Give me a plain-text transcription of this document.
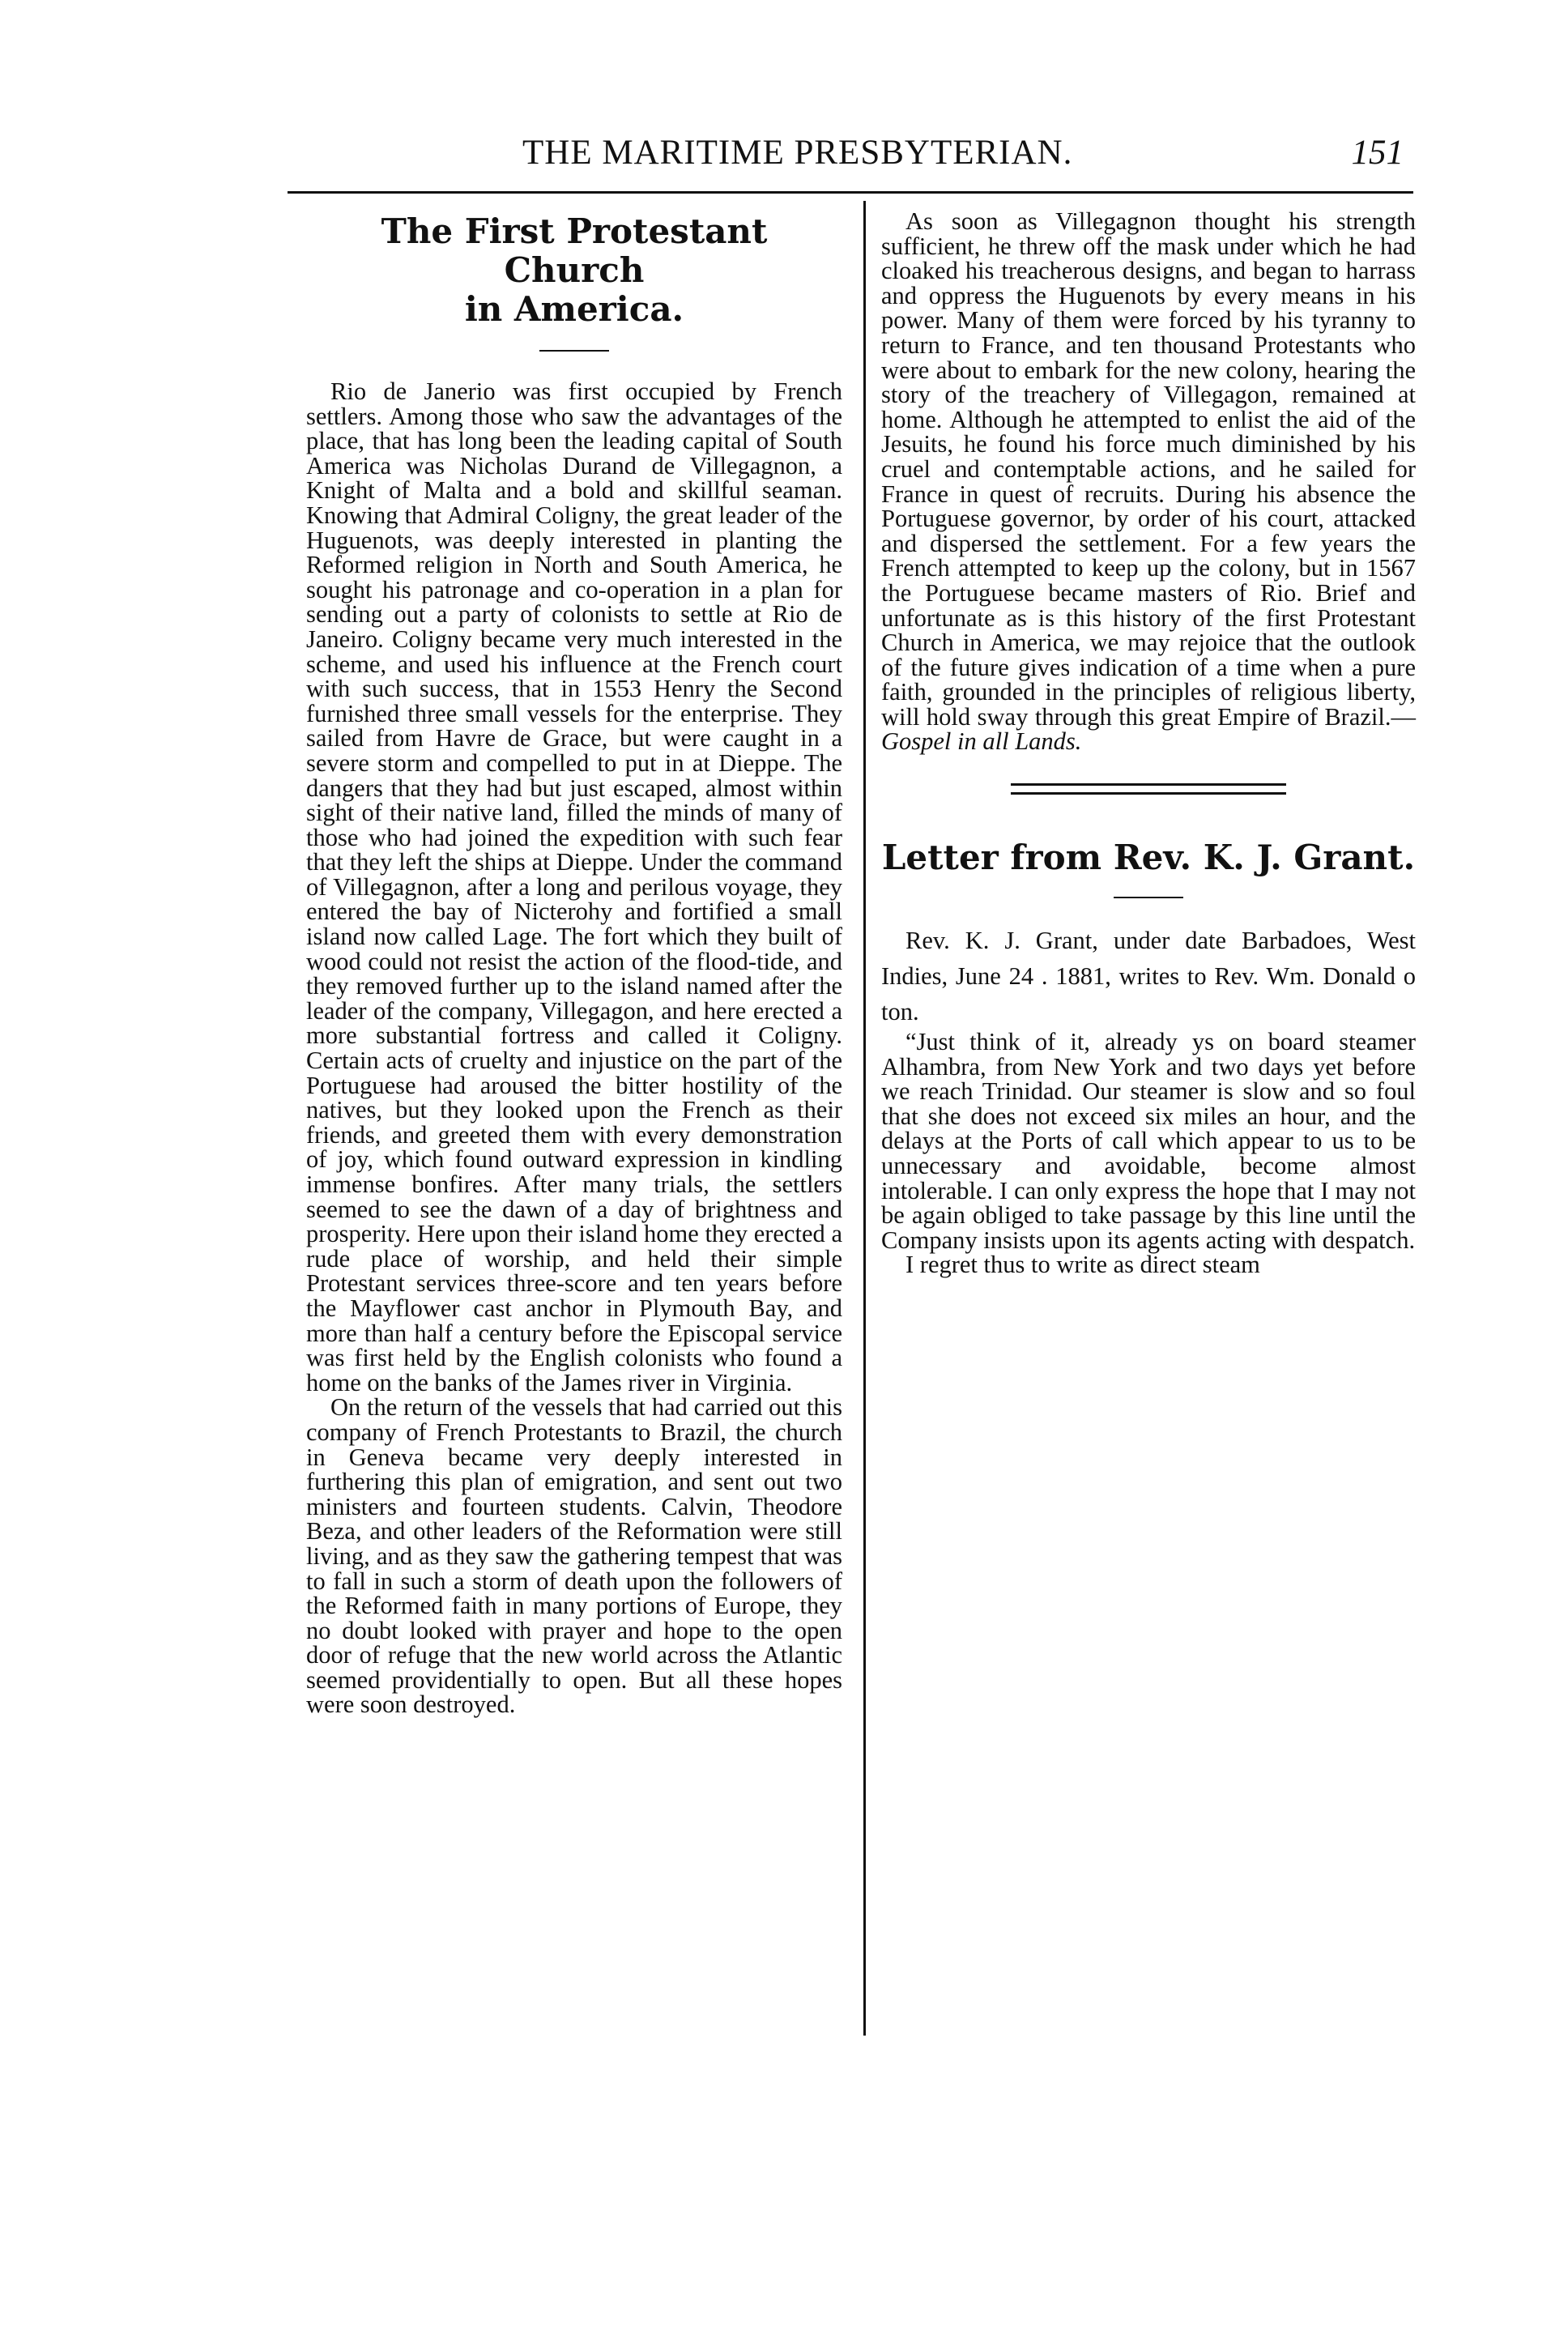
THE MARITIME PRESBYTERIAN.	151
The First Protestant Church
in America.

Rio de Janerio was first occupied by French settlers. Among those who saw the advantages of the place, that has long been the leading capital of South America was Nicholas Durand de Villegagnon, a Knight of Malta and a bold and skillful seaman. Knowing that Admiral Coligny, the great leader of the Huguenots, was deeply interested in planting the Reformed religion in North and South America, he sought his patronage and co-operation in a plan for sending out a party of colonists to settle at Rio de Janeiro. Coligny became very much interested in the scheme, and used his influence at the French court with such success, that in 1553 Henry the Second furnished three small vessels for the enterprise. They sailed from Havre de Grace, but were caught in a severe storm and compelled to put in at Dieppe. The dangers that they had but just escaped, almost within sight of their native land, filled the minds of many of those who had joined the expedition with such fear that they left the ships at Dieppe. Under the command of Villegagnon, after a long and perilous voyage, they entered the bay of Nicterohy and fortified a small island now called Lage. The fort which they built of wood could not resist the action of the flood-tide, and they removed further up to the island named after the leader of the company, Villegagon, and here erected a more substantial fortress and called it Coligny. Certain acts of cruelty and injustice on the part of the Portuguese had aroused the bitter hostility of the natives, but they looked upon the French as their friends, and greeted them with every demonstration of joy, which found outward expression in kindling immense bonfires. After many trials, the settlers seemed to see the dawn of a day of brightness and prosperity. Here upon their island home they erected a rude place of worship, and held their simple Protestant services three-score and ten years before the Mayflower cast anchor in Plymouth Bay, and more than half a century before the Episcopal service was first held by the English colonists who found a home on the banks of the James river in Virginia.

On the return of the vessels that had carried out this company of French Protestants to Brazil, the church in Geneva became very deeply interested in furthering this plan of emigration, and sent out two ministers and fourteen students. Calvin, Theodore Beza, and other leaders of the Reformation were still living, and as they saw the gathering tempest that was to fall in such a storm of death upon the followers of the Reformed faith in many portions of Europe, they no doubt looked with prayer and hope to the open door of refuge that the new world across the Atlantic seemed providentially to open. But all these hopes were soon destroyed.

As soon as Villegagnon thought his strength sufficient, he threw off the mask under which he had cloaked his treacherous designs, and began to harrass and oppress the Huguenots by every means in his power. Many of them were forced by his tyranny to return to France, and ten thousand Protestants who were about to embark for the new colony, hearing the story of the treachery of Villegagon, remained at home. Although he attempted to enlist the aid of the Jesuits, he found his force much diminished by his cruel and contemptable actions, and he sailed for France in quest of recruits. During his absence the Portuguese governor, by order of his court, attacked and dispersed the settlement. For a few years the French attempted to keep up the colony, but in 1567 the Portuguese became masters of Rio. Brief and unfortunate as is this history of the first Protestant Church in America, we may rejoice that the outlook of the future gives indication of a time when a pure faith, grounded in the principles of religious liberty, will hold sway through this great Empire of Brazil.—Gospel in all Lands.

Letter from Rev. K. J. Grant.

Rev. K. J. Grant, under date Barbadoes, West Indies, June 24 . 1881, writes to Rev. Wm. Donald o ton.

“Just think of it, already ys on board steamer Alhambra, from New York and two days yet before we reach Trinidad. Our steamer is slow and so foul that she does not exceed six miles an hour, and the delays at the Ports of call which appear to us to be unnecessary and avoidable, become almost intolerable. I can only express the hope that I may not be again obliged to take passage by this line until the Company insists upon its agents acting with despatch.

I regret thus to write as direct steam
